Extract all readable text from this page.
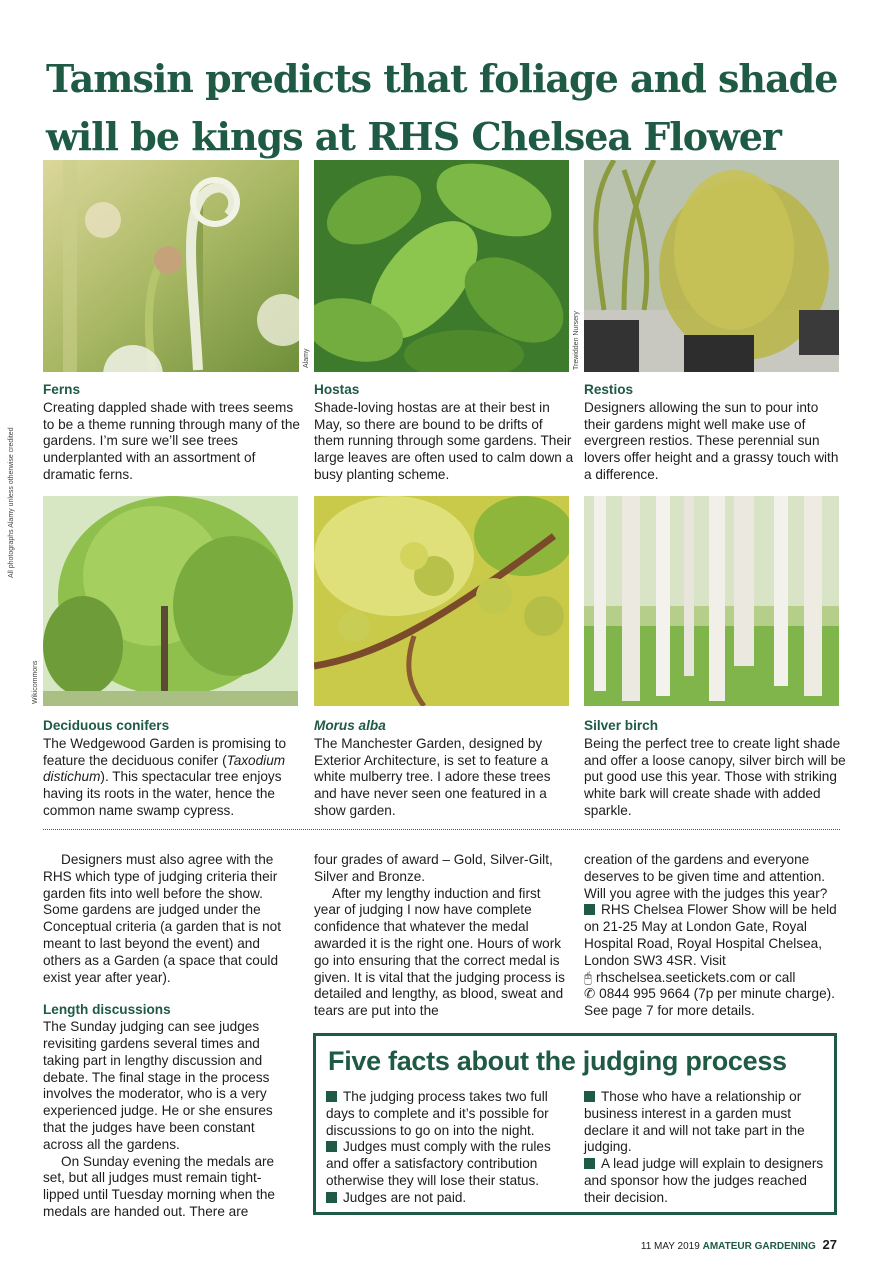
Tamsin predicts that foliage and shade will be kings at RHS Chelsea Flower
All photographs Alamy unless otherwise credited
Alamy	Trewidden Nursery
Ferns

Creating dappled shade with trees seems to be a theme running through many of the gardens. I’m sure we’ll see trees underplanted with an assortment of dramatic ferns.

Hostas

Shade-loving hostas are at their best in May, so there are bound to be drifts of them running through some gardens. Their large leaves are often used to calm down a busy planting scheme.

Restios

Designers allowing the sun to pour into their gardens might well make use of evergreen restios. These perennial sun lovers offer height and a grassy touch with a difference.

Wikicommons
Deciduous conifers

The Wedgewood Garden is promising to feature the deciduous conifer (Taxodium distichum). This spectacular tree enjoys having its roots in the water, hence the common name swamp cypress.

Morus alba

The Manchester Garden, designed by Exterior Architecture, is set to feature a white mulberry tree. I adore these trees and have never seen one featured in a show garden.

Silver birch

Being the perfect tree to create light shade and offer a loose canopy, silver birch will be put good use this year. Those with striking white bark will create shade with added sparkle.

Designers must also agree with the RHS which type of judging criteria their garden fits into well before the show. Some gardens are judged under the Conceptual criteria (a garden that is not meant to last beyond the event) and others as a Garden (a space that could exist year after year).

Length discussions

The Sunday judging can see judges revisiting gardens several times and taking part in lengthy discussion and debate. The final stage in the process involves the moderator, who is a very experienced judge. He or she ensures that the judges have been constant across all the gardens.

On Sunday evening the medals are set, but all judges must remain tight-lipped until Tuesday morning when the medals are handed out. There are

four grades of award – Gold, Silver-Gilt, Silver and Bronze.

After my lengthy induction and first year of judging I now have complete confidence that whatever the medal awarded it is the right one. Hours of work go into ensuring that the correct medal is given. It is vital that the judging process is detailed and lengthy, as blood, sweat and tears are put into the

creation of the gardens and everyone deserves to be given time and attention. Will you agree with the judges this year?

RHS Chelsea Flower Show will be held on 21-25 May at London Gate, Royal Hospital Road, Royal Hospital Chelsea, London SW3 4SR. Visit

🖰 rhschelsea.seetickets.com or call

✆ 0844 995 9664 (7p per minute charge). See page 7 for more details.

Five facts about the judging process

The judging process takes two full days to complete and it’s possible for discussions to go on into the night.

Judges must comply with the rules and offer a satisfactory contribution otherwise they will lose their status.

Judges are not paid.

Those who have a relationship or business interest in a garden must declare it and will not take part in the judging.

A lead judge will explain to designers and sponsor how the judges reached their decision.

11 MAY 2019 AMATEUR GARDENING 27
